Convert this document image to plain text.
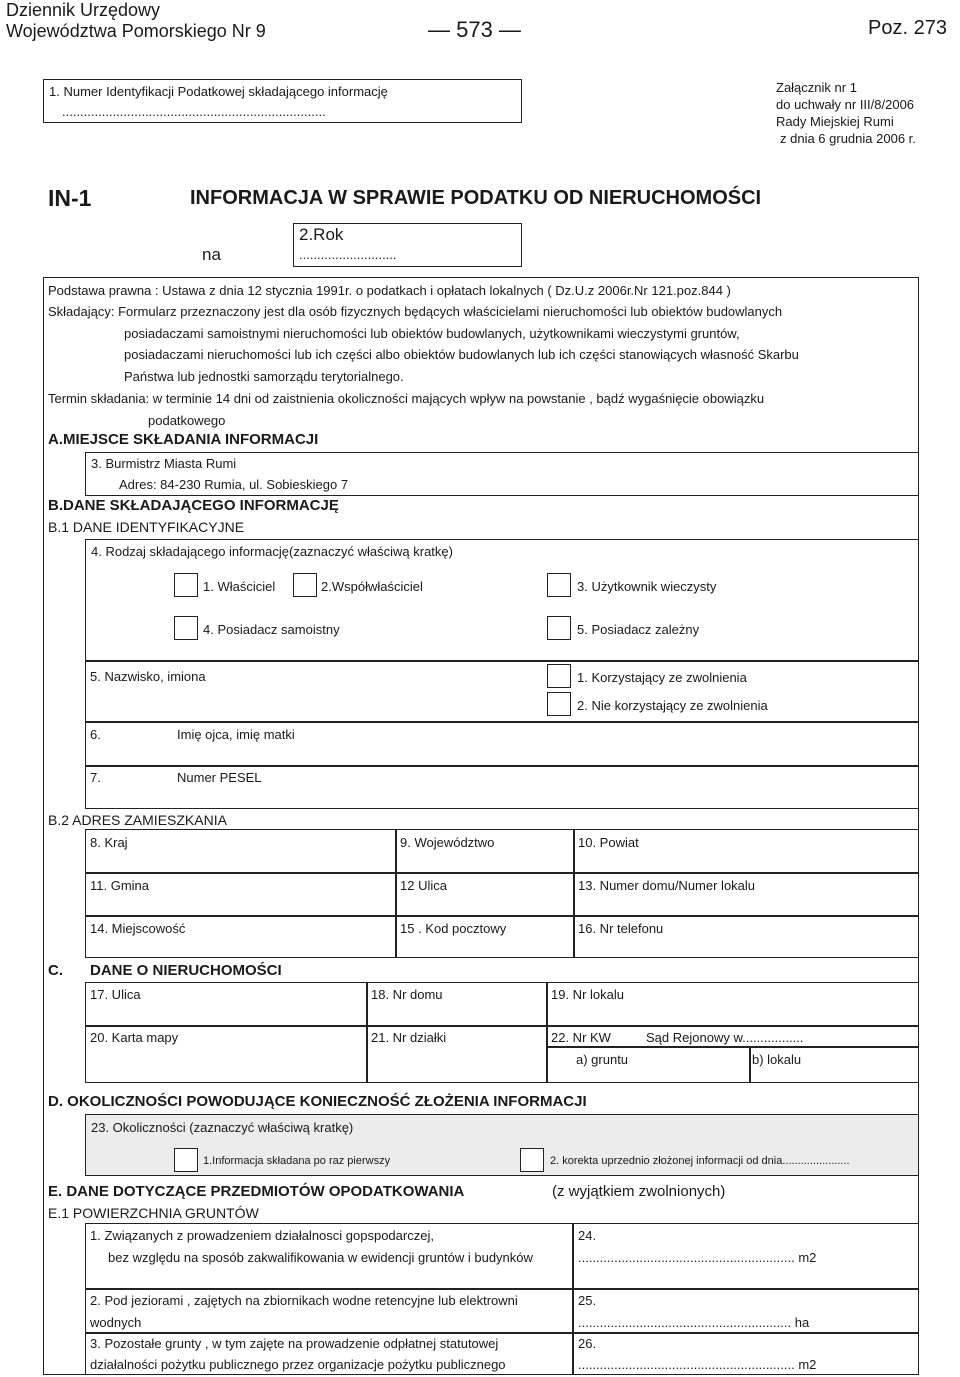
Dziennik Urzędowy
Województwa Pomorskiego Nr 9	— 573 —	Poz. 273
1. Numer Identyfikacji Podatkowej składającego informację
.........................................................................
Załącznik nr 1
do uchwały nr III/8/2006
Rady Miejskiej Rumi
z dnia 6 grudnia 2006 r.
IN-1	INFORMACJA W SPRAWIE PODATKU OD NIERUCHOMOŚCI
na
2.Rok
...........................
Podstawa prawna : Ustawa z dnia 12 stycznia 1991r. o podatkach i opłatach lokalnych ( Dz.U.z 2006r.Nr 121.poz.844 )
Składający: Formularz przeznaczony jest dla osób fizycznych będących właścicielami nieruchomości lub obiektów budowlanych
posiadaczami samoistnymi nieruchomości lub obiektów budowlanych, użytkownikami wieczystymi gruntów,
posiadaczami nieruchomości lub ich części albo obiektów budowlanych lub ich części stanowiących własność Skarbu
Państwa lub jednostki samorządu terytorialnego.
Termin składania: w terminie 14 dni od zaistnienia okoliczności mających wpływ na powstanie , bądź wygaśnięcie obowiązku
podatkowego
A.MIEJSCE SKŁADANIA INFORMACJI
3. Burmistrz Miasta Rumi
Adres: 84-230 Rumia, ul. Sobieskiego 7
B.DANE SKŁADAJĄCEGO INFORMACJĘ
B.1 DANE IDENTYFIKACYJNE
4. Rodzaj składającego informację(zaznaczyć właściwą kratkę)
1. Właściciel	2.Współwłaściciel	3. Użytkownik wieczysty
4. Posiadacz samoistny	5. Posiadacz zależny
5. Nazwisko, imiona	1. Korzystający ze zwolnienia
2. Nie korzystający ze zwolnienia
6.	Imię ojca, imię matki
7.	Numer PESEL
B.2 ADRES ZAMIESZKANIA
8. Kraj	9. Województwo	10. Powiat
11. Gmina	12 Ulica	13. Numer domu/Numer lokalu
14. Miejscowość	15 . Kod pocztowy	16. Nr telefonu
C. DANE O NIERUCHOMOŚCI
17. Ulica	18. Nr domu	19. Nr lokalu
20. Karta mapy	21. Nr działki	22. Nr KW	Sąd Rejonowy w.................
a) gruntu	b) lokalu
D. OKOLICZNOŚCI POWODUJĄCE KONIECZNOŚĆ ZŁOŻENIA INFORMACJI
23. Okoliczności (zaznaczyć właściwą kratkę)
1.Informacja składana po raz pierwszy	2. korekta uprzednio złożonej informacji od dnia......................
E. DANE DOTYCZĄCE PRZEDMIOTÓW OPODATKOWANIA	(z wyjątkiem zwolnionych)
E.1 POWIERZCHNIA GRUNTÓW
1. Związanych z prowadzeniem działalnosci gopspodarczej,
bez względu na sposób zakwalifikowania w ewidencji gruntów i budynków
24.
............................................................ m2
2. Pod jeziorami , zajętych na zbiornikach wodne retencyjne lub elektrowni
wodnych
25.
........................................................... ha
3. Pozostałe grunty , w tym zajęte na prowadzenie odpłatnej statutowej
działalności pożytku publicznego przez organizacje pożytku publicznego
26.
............................................................ m2
